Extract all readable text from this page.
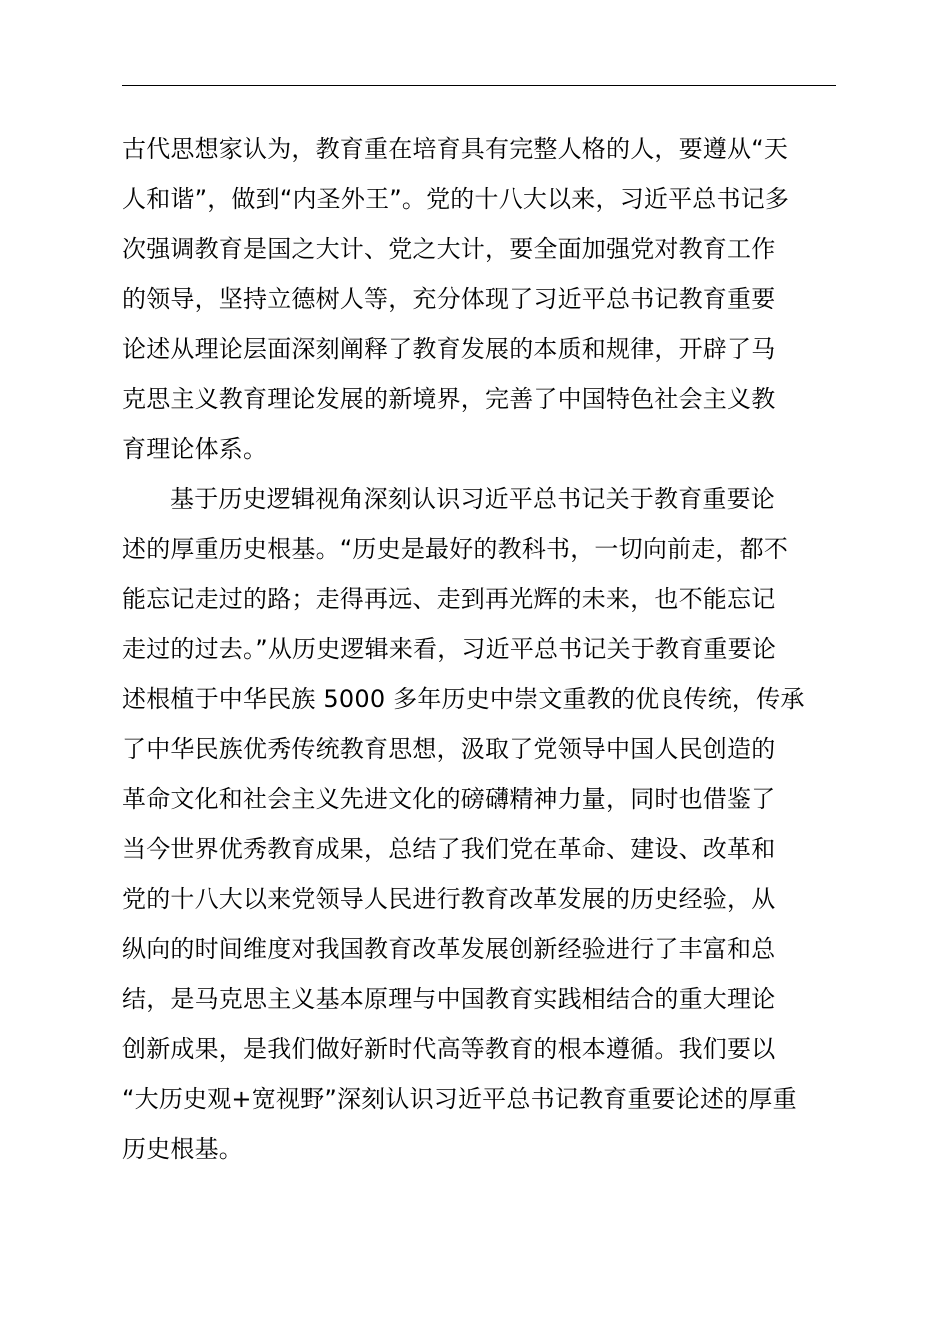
古代思想家认为，教育重在培育具有完整人格的人，要遵从“天
人和谐”，做到“内圣外王”。党的十八大以来，习近平总书记多
次强调教育是国之大计、党之大计，要全面加强党对教育工作
的领导，坚持立德树人等，充分体现了习近平总书记教育重要
论述从理论层面深刻阐释了教育发展的本质和规律，开辟了马
克思主义教育理论发展的新境界，完善了中国特色社会主义教
育理论体系。
基于历史逻辑视角深刻认识习近平总书记关于教育重要论
述的厚重历史根基。“历史是最好的教科书，一切向前走，都不
能忘记走过的路；走得再远、走到再光辉的未来，也不能忘记
走过的过去。”从历史逻辑来看，习近平总书记关于教育重要论
述根植于中华民族 5000 多年历史中崇文重教的优良传统，传承
了中华民族优秀传统教育思想，汲取了党领导中国人民创造的
革命文化和社会主义先进文化的磅礴精神力量，同时也借鉴了
当今世界优秀教育成果，总结了我们党在革命、建设、改革和
党的十八大以来党领导人民进行教育改革发展的历史经验，从
纵向的时间维度对我国教育改革发展创新经验进行了丰富和总
结，是马克思主义基本原理与中国教育实践相结合的重大理论
创新成果，是我们做好新时代高等教育的根本遵循。我们要以
“大历史观+宽视野”深刻认识习近平总书记教育重要论述的厚重
历史根基。
